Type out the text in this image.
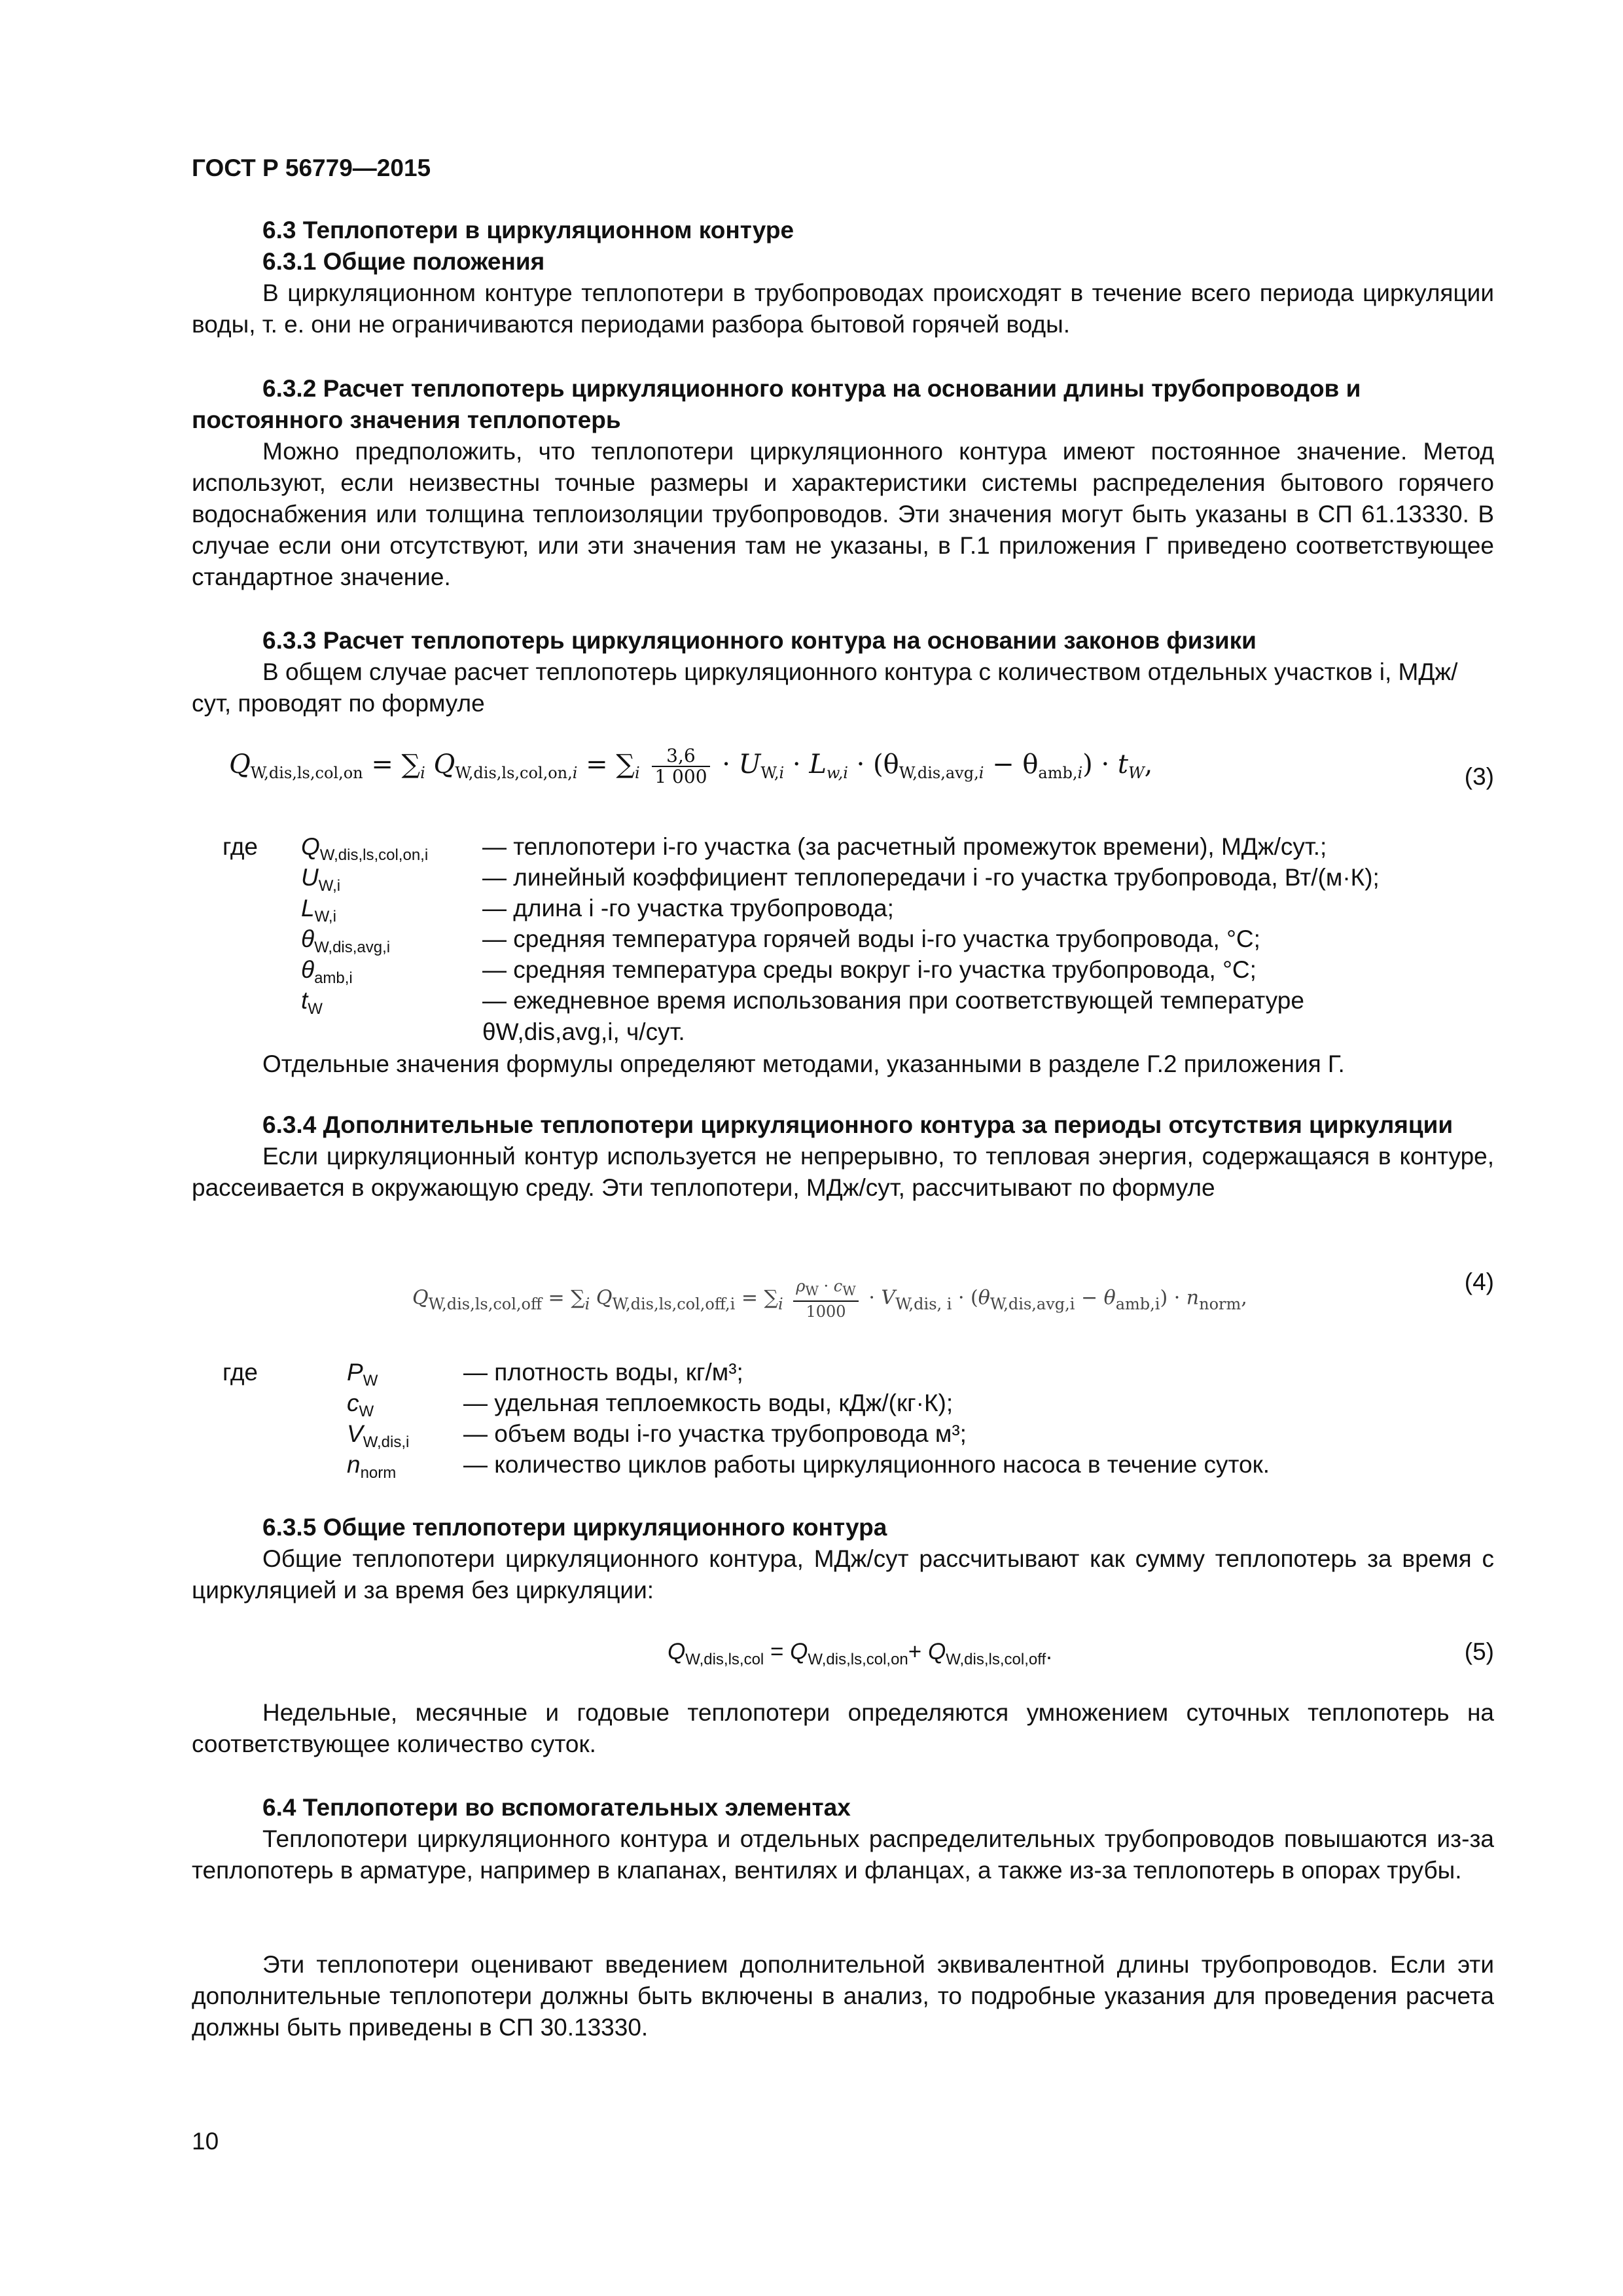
ГОСТ Р 56779—2015
6.3 Теплопотери в циркуляционном контуре
6.3.1 Общие положения
В циркуляционном контуре теплопотери в трубопроводах происходят в течение всего периода циркуляции воды, т. е. они не ограничиваются периодами разбора бытовой горячей воды.
6.3.2 Расчет теплопотерь циркуляционного контура на основании длины трубопроводов и постоянного значения теплопотерь
Можно предположить, что теплопотери циркуляционного контура имеют постоянное значение. Метод используют, если неизвестны точные размеры и характеристики системы распределения бытового горячего водоснабжения или толщина теплоизоляции трубопроводов. Эти значения могут быть указаны в СП 61.13330. В случае если они отсутствуют, или эти значения там не указаны, в Г.1 приложения Г приведено соответствующее стандартное значение.
6.3.3 Расчет теплопотерь циркуляционного контура на основании законов физики
В общем случае расчет теплопотерь циркуляционного контура с количеством отдельных участков i, МДж/сут, проводят по формуле
$Q_{W,dis,ls,col,on} = \sum_i$ $Q_{W,dis,ls,col,on,i} = \sum_i \frac{3,6}{1 000} \cdot U_{W,i} \cdot L_{w,i} \cdot (\theta_{W,dis,avg,i} - \theta_{amb,i}) \cdot t_W$,	(3)
где $Q_{W,dis,ls,col,on,i}$ — теплопотери i-го участка (за расчетный промежуток времени), МДж/сут.;
$U_{W,i}$	— линейный коэффициент теплопередачи i -го участка трубопровода, Вт/(м·К);
$L_{W,i}$	— длина i -го участка трубопровода;
$\theta_{W,dis,avg,i}$	— средняя температура горячей воды i-го участка трубопровода, °С;
$\theta_{amb,i}$	— средняя температура среды вокруг i-го участка трубопровода, °С;
$t_W$	— ежедневное время использования при соответствующей температуре
θW,dis,avg,i, ч/сут.
Отдельные значения формулы определяют методами, указанными в разделе Г.2 приложения Г.
6.3.4 Дополнительные теплопотери циркуляционного контура за периоды отсутствия циркуляции
Если циркуляционный контур используется не непрерывно, то тепловая энергия, содержащаяся в контуре, рассеивается в окружающую среду. Эти теплопотери, МДж/сут, рассчитывают по формуле
$Q_{W,dis,ls,col,off} = \sum_i$ $Q_{W,dis,ls,col,off,i} = \sum_i \frac{\rho_W \cdot c_W}{1000} \cdot V_{W,dis, i} \cdot (\theta_{W,dis,avg,i} - \theta_{amb,i}) \cdot n_{norm}$,
(4)
где	$P_W$	— плотность воды, кг/м³;
$c_W$	— удельная теплоемкость воды, кДж/(кг·К);
$V_{W,dis,i}$ — объем воды i-го участка трубопровода м³;
$n_{norm}$	— количество циклов работы циркуляционного насоса в течение суток.
6.3.5 Общие теплопотери циркуляционного контура
Общие теплопотери циркуляционного контура, МДж/сут рассчитывают как сумму теплопотерь за время с циркуляцией и за время без циркуляции:
$Q_{W,dis,ls,col} = Q_{W,dis,ls,col,on}+ Q_{W,dis,ls,col,off}$.	(5)
Недельные, месячные и годовые теплопотери определяются умножением суточных теплопотерь на соответствующее количество суток.
6.4 Теплопотери во вспомогательных элементах
Теплопотери циркуляционного контура и отдельных распределительных трубопроводов повышаются из-за теплопотерь в арматуре, например в клапанах, вентилях и фланцах, а также из-за теплопотерь в опорах трубы.
Эти теплопотери оценивают введением дополнительной эквивалентной длины трубопроводов. Если эти дополнительные теплопотери должны быть включены в анализ, то подробные указания для проведения расчета должны быть приведены в СП 30.13330.
10
